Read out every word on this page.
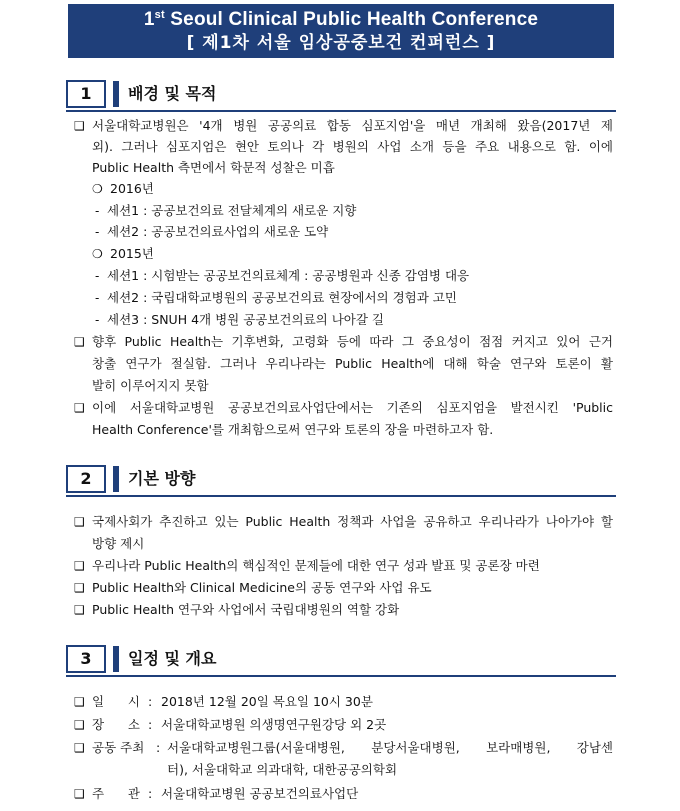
1st Seoul Clinical Public Health Conference
[ 제1차 서울 임상공중보건 컨퍼런스 ]
1	배경 및 목적
❑ 서울대학교병원은 '4개 병원 공공의료 합동 심포지엄'을 매년 개최해 왔음(2017년 제
외). 그러나 심포지엄은 현안 토의나 각 병원의 사업 소개 등을 주요 내용으로 함. 이에
Public Health 측면에서 학문적 성찰은 미흡
❍ 2016년
- 세션1 : 공공보건의료 전달체계의 새로운 지향
- 세션2 : 공공보건의료사업의 새로운 도약
❍ 2015년
- 세션1 : 시험받는 공공보건의료체계 : 공공병원과 신종 감염병 대응
- 세션2 : 국립대학교병원의 공공보건의료 현장에서의 경험과 고민
- 세션3 : SNUH 4개 병원 공공보건의료의 나아갈 길
❑ 향후 Public Health는 기후변화, 고령화 등에 따라 그 중요성이 점점 커지고 있어 근거
창출 연구가 절실함. 그러나 우리나라는 Public Health에 대해 학술 연구와 토론이 활
발히 이루어지지 못함
❑ 이에 서울대학교병원 공공보건의료사업단에서는 기존의 심포지엄을 발전시킨 'Public
Health Conference'를 개최함으로써 연구와 토론의 장을 마련하고자 함.
2	기본 방향
❑ 국제사회가 추진하고 있는 Public Health 정책과 사업을 공유하고 우리나라가 나아가야 할
방향 제시
❑ 우리나라 Public Health의 핵심적인 문제들에 대한 연구 성과 발표 및 공론장 마련
❑ Public Health와 Clinical Medicine의 공동 연구와 사업 유도
❑ Public Health 연구와 사업에서 국립대병원의 역할 강화
3	일정 및 개요
❑ 일      시 : 2018년 12월 20일 목요일 10시 30분
❑ 장      소 : 서울대학교병원 의생명연구원강당 외 2곳
❑ 공동 주최 : 서울대학교병원그룹(서울대병원, 분당서울대병원, 보라매병원, 강남센
터), 서울대학교 의과대학, 대한공공의학회
❑ 주      관 : 서울대학교병원 공공보건의료사업단
